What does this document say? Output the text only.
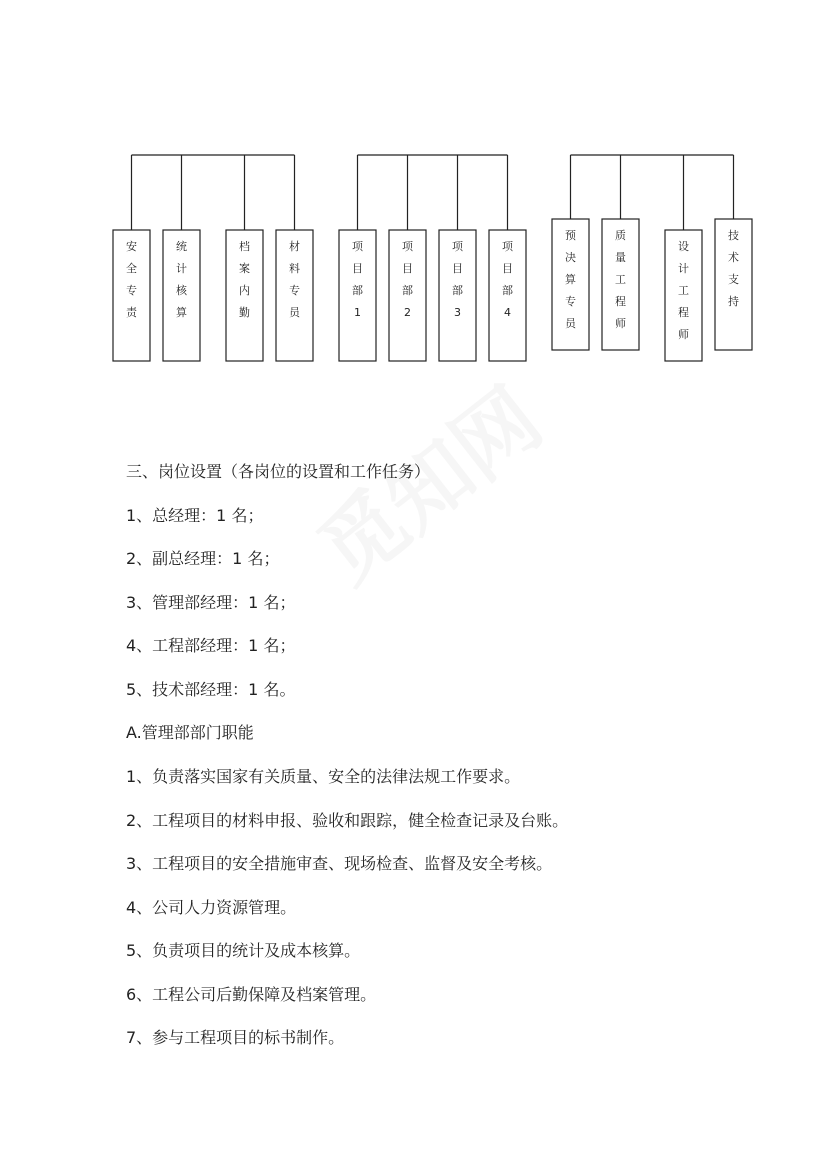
安
全
专
责
统
计
核
算
档
案
内
勤
材
料
专
员
项
目
部
1
项
目
部
2
项
目
部
3
项
目
部
4
预
决
算
专
员
质
量
工
程
师
设
计
工
程
师
技
术
支
持

三、岗位设置（各岗位的设置和工作任务）

1、总经理：1 名；

2、副总经理：1 名；

3、管理部经理：1 名；

4、工程部经理：1 名；

5、技术部经理：1 名。

A.管理部部门职能

1、负责落实国家有关质量、安全的法律法规工作要求。

2、工程项目的材料申报、验收和跟踪，健全检查记录及台账。

3、工程项目的安全措施审查、现场检查、监督及安全考核。

4、公司人力资源管理。

5、负责项目的统计及成本核算。

6、工程公司后勤保障及档案管理。

7、参与工程项目的标书制作。
